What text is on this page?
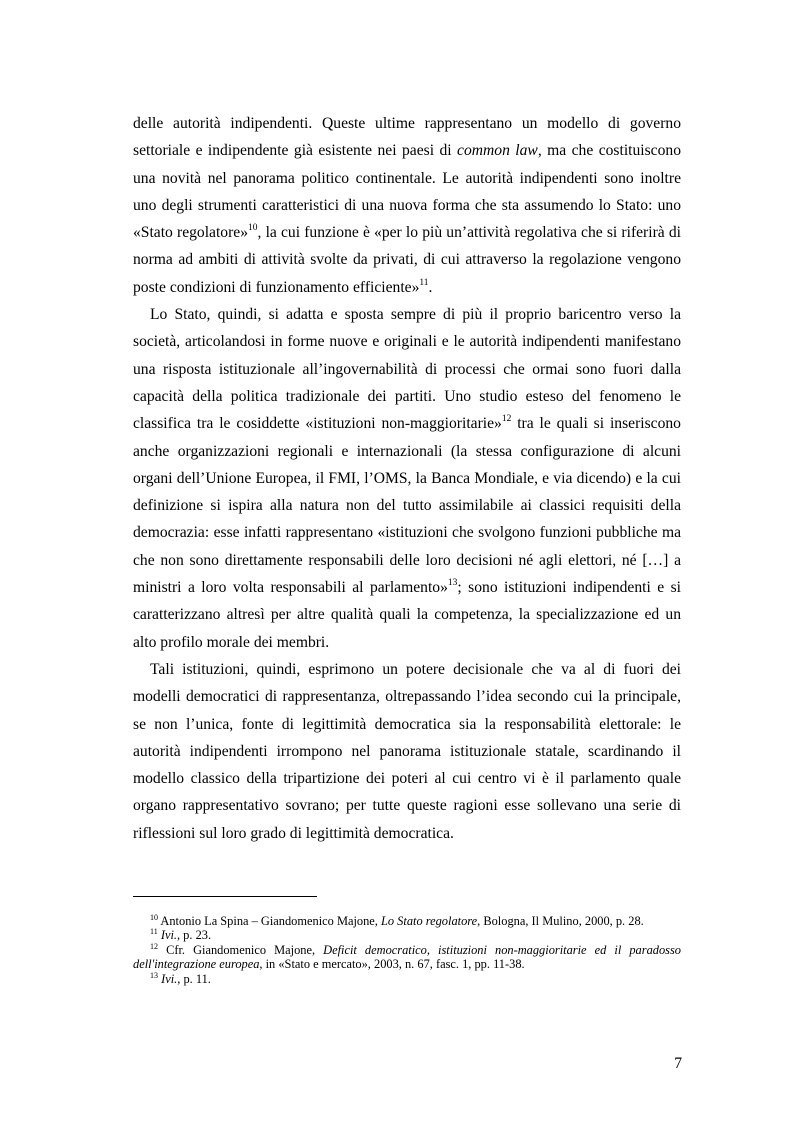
delle autorità indipendenti. Queste ultime rappresentano un modello di governo settoriale e indipendente già esistente nei paesi di common law, ma che costituiscono una novità nel panorama politico continentale. Le autorità indipendenti sono inoltre uno degli strumenti caratteristici di una nuova forma che sta assumendo lo Stato: uno «Stato regolatore»$^{10}$, la cui funzione è «per lo più un’attività regolativa che si riferirà di norma ad ambiti di attività svolte da privati, di cui attraverso la regolazione vengono poste condizioni di funzionamento efficiente»$^{11}$.

Lo Stato, quindi, si adatta e sposta sempre di più il proprio baricentro verso la società, articolandosi in forme nuove e originali e le autorità indipendenti manifestano una risposta istituzionale all’ingovernabilità di processi che ormai sono fuori dalla capacità della politica tradizionale dei partiti. Uno studio esteso del fenomeno le classifica tra le cosiddette «istituzioni non-maggioritarie»$^{12}$ tra le quali si inseriscono anche organizzazioni regionali e internazionali (la stessa configurazione di alcuni organi dell’Unione Europea, il FMI, l’OMS, la Banca Mondiale, e via dicendo) e la cui definizione si ispira alla natura non del tutto assimilabile ai classici requisiti della democrazia: esse infatti rappresentano «istituzioni che svolgono funzioni pubbliche ma che non sono direttamente responsabili delle loro decisioni né agli elettori, né […] a ministri a loro volta responsabili al parlamento»$^{13}$; sono istituzioni indipendenti e si caratterizzano altresì per altre qualità quali la competenza, la specializzazione ed un alto profilo morale dei membri.

Tali istituzioni, quindi, esprimono un potere decisionale che va al di fuori dei modelli democratici di rappresentanza, oltrepassando l’idea secondo cui la principale, se non l’unica, fonte di legittimità democratica sia la responsabilità elettorale: le autorità indipendenti irrompono nel panorama istituzionale statale, scardinando il modello classico della tripartizione dei poteri al cui centro vi è il parlamento quale organo rappresentativo sovrano; per tutte queste ragioni esse sollevano una serie di riflessioni sul loro grado di legittimità democratica.

$^{10}$ Antonio La Spina – Giandomenico Majone, Lo Stato regolatore, Bologna, Il Mulino, 2000, p. 28.

$^{11}$ Ivi., p. 23.

$^{12}$ Cfr. Giandomenico Majone, Deficit democratico, istituzioni non-maggioritarie ed il paradosso dell'integrazione europea, in «Stato e mercato», 2003, n. 67, fasc. 1, pp. 11-38.

$^{13}$ Ivi., p. 11.

7
